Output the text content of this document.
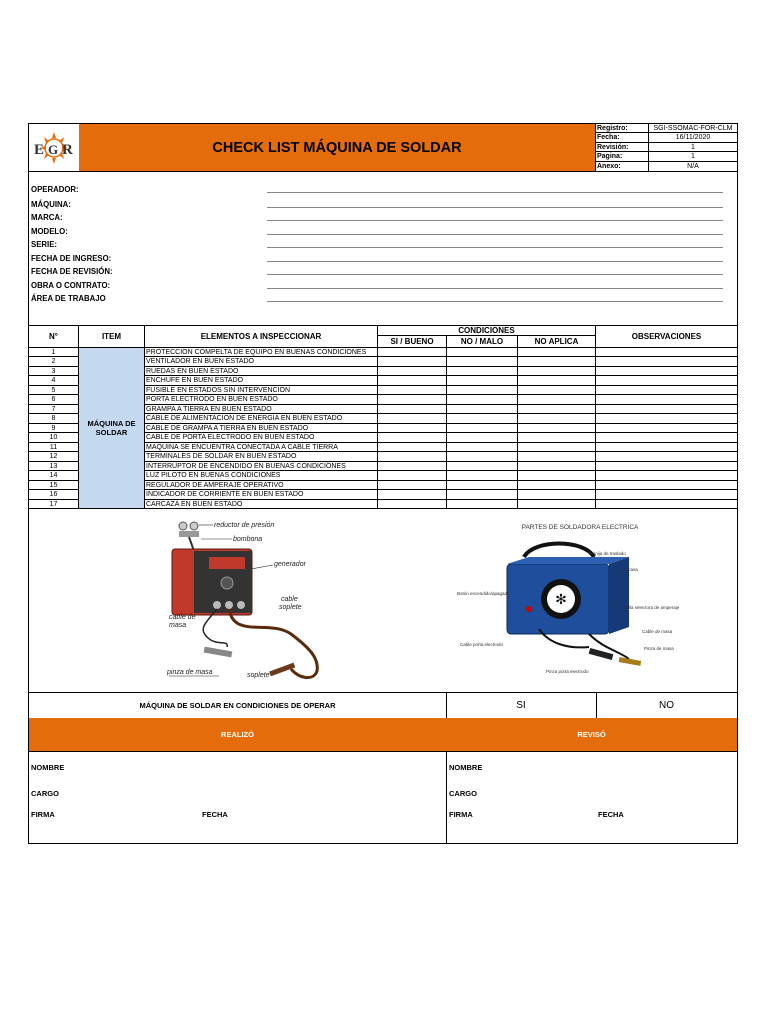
E G R	CHECK LIST MÁQUINA DE SOLDAR
Registro:	SGI-SSOMAC-FOR-CLM
Fecha:	16/11/2020
Revisión:	1
Pagina:	1
Anexo:	N/A
OPERADOR:
MÁQUINA:
MARCA:
MODELO:
SERIE:
FECHA DE INGRESO:
FECHA DE REVISIÓN:
OBRA O CONTRATO:
ÁREA DE TRABAJO
N°	ITEM	ELEMENTOS A INSPECCIONAR
CONDICIONES
SI / BUENO	NO / MALO	NO APLICA
OBSERVACIONES
MÁQUINA DE SOLDAR
1	PROTECCION COMPELTA DE EQUIPO EN BUENAS CONDICIONES
2	VENTILADOR EN BUEN ESTADO
3	RUEDAS EN BUEN ESTADO
4	ENCHUFE EN BUEN ESTADO
5	FUSIBLE EN ESTADOS SIN INTERVENCION
6	PORTA ELECTRODO EN BUEN ESTADO
7	GRAMPA A TIERRA EN BUEN ESTADO
8	CABLE DE ALIMENTACION DE ENERGIA EN BUEN ESTADO
9	CABLE DE GRAMPA A TIERRA EN BUEN ESTADO
10	CABLE DE PORTA ELECTRODO EN BUEN ESTADO
11	MAQUINA SE ENCUENTRA CONECTADA A CABLE TIERRA
12	TERMINALES DE SOLDAR EN BUEN ESTADO
13	INTERRUPTOR DE ENCENDIDO EN BUENAS CONDICIONES
14	LUZ PILOTO EN BUENAS CONDICIONES
15	REGULADOR DE AMPERAJE OPERATIVO
16	INDICADOR DE CORRIENTE EN BUEN ESTADO
17	CARCAZA EN BUEN ESTADO
reductor de presión
bombona
generador
cable
soplete
cable de
masa
pinza de masa	soplete
PARTES DE SOLDADORA ELECTRICA
✻
Manija de traslado
Carcasa
Botón encendido/apagado
Perilla selectora de amperaje
Cable de masa
Pinza de masa
Cable porta electrodo
Pinza porta electrodo
MÁQUINA DE SOLDAR EN CONDICIONES DE OPERAR	SI	NO
REALIZÓ	REVISÓ
NOMBRE
CARGO
FIRMA	FECHA
NOMBRE
CARGO
FIRMA	FECHA
